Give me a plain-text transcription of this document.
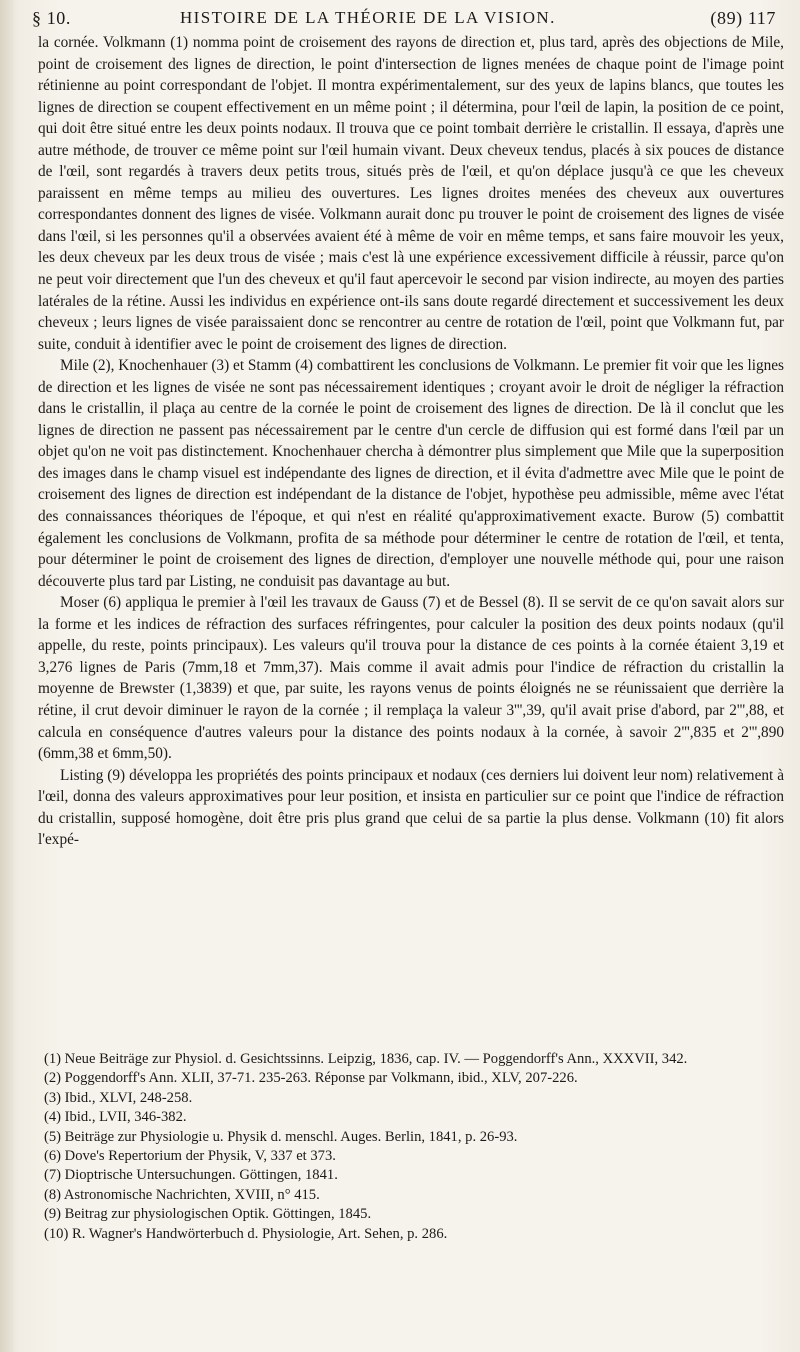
§ 10.	HISTOIRE DE LA THÉORIE DE LA VISION.	(89) 117

la cornée. Volkmann (1) nomma point de croisement des rayons de direction et, plus tard, après des objections de Mile, point de croisement des lignes de direction, le point d'intersection de lignes menées de chaque point de l'image point rétinienne au point correspondant de l'objet. Il montra expérimentalement, sur des yeux de lapins blancs, que toutes les lignes de direction se coupent effectivement en un même point ; il détermina, pour l'œil de lapin, la position de ce point, qui doit être situé entre les deux points nodaux. Il trouva que ce point tombait derrière le cristallin. Il essaya, d'après une autre méthode, de trouver ce même point sur l'œil humain vivant. Deux cheveux tendus, placés à six pouces de distance de l'œil, sont regardés à travers deux petits trous, situés près de l'œil, et qu'on déplace jusqu'à ce que les cheveux paraissent en même temps au milieu des ouvertures. Les lignes droites menées des cheveux aux ouvertures correspondantes donnent des lignes de visée. Volkmann aurait donc pu trouver le point de croisement des lignes de visée dans l'œil, si les personnes qu'il a observées avaient été à même de voir en même temps, et sans faire mouvoir les yeux, les deux cheveux par les deux trous de visée ; mais c'est là une expérience excessivement difficile à réussir, parce qu'on ne peut voir directement que l'un des cheveux et qu'il faut apercevoir le second par vision indirecte, au moyen des parties latérales de la rétine. Aussi les individus en expérience ont-ils sans doute regardé directement et successivement les deux cheveux ; leurs lignes de visée paraissaient donc se rencontrer au centre de rotation de l'œil, point que Volkmann fut, par suite, conduit à identifier avec le point de croisement des lignes de direction.

Mile (2), Knochenhauer (3) et Stamm (4) combattirent les conclusions de Volkmann. Le premier fit voir que les lignes de direction et les lignes de visée ne sont pas nécessairement identiques ; croyant avoir le droit de négliger la réfraction dans le cristallin, il plaça au centre de la cornée le point de croisement des lignes de direction. De là il conclut que les lignes de direction ne passent pas nécessairement par le centre d'un cercle de diffusion qui est formé dans l'œil par un objet qu'on ne voit pas distinctement. Knochenhauer chercha à démontrer plus simplement que Mile que la superposition des images dans le champ visuel est indépendante des lignes de direction, et il évita d'admettre avec Mile que le point de croisement des lignes de direction est indépendant de la distance de l'objet, hypothèse peu admissible, même avec l'état des connaissances théoriques de l'époque, et qui n'est en réalité qu'approximativement exacte. Burow (5) combattit également les conclusions de Volkmann, profita de sa méthode pour déterminer le centre de rotation de l'œil, et tenta, pour déterminer le point de croisement des lignes de direction, d'employer une nouvelle méthode qui, pour une raison découverte plus tard par Listing, ne conduisit pas davantage au but.

Moser (6) appliqua le premier à l'œil les travaux de Gauss (7) et de Bessel (8). Il se servit de ce qu'on savait alors sur la forme et les indices de réfraction des surfaces réfringentes, pour calculer la position des deux points nodaux (qu'il appelle, du reste, points principaux). Les valeurs qu'il trouva pour la distance de ces points à la cornée étaient 3,19 et 3,276 lignes de Paris (7mm,18 et 7mm,37). Mais comme il avait admis pour l'indice de réfraction du cristallin la moyenne de Brewster (1,3839) et que, par suite, les rayons venus de points éloignés ne se réunissaient que derrière la rétine, il crut devoir diminuer le rayon de la cornée ; il remplaça la valeur 3''',39, qu'il avait prise d'abord, par 2''',88, et calcula en conséquence d'autres valeurs pour la distance des points nodaux à la cornée, à savoir 2''',835 et 2''',890 (6mm,38 et 6mm,50).

Listing (9) développa les propriétés des points principaux et nodaux (ces derniers lui doivent leur nom) relativement à l'œil, donna des valeurs approximatives pour leur position, et insista en particulier sur ce point que l'indice de réfraction du cristallin, supposé homogène, doit être pris plus grand que celui de sa partie la plus dense. Volkmann (10) fit alors l'expé-

(1) Neue Beiträge zur Physiol. d. Gesichtssinns. Leipzig, 1836, cap. IV. — Poggendorff's Ann., XXXVII, 342.

(2) Poggendorff's Ann. XLII, 37-71. 235-263. Réponse par Volkmann, ibid., XLV, 207-226.

(3) Ibid., XLVI, 248-258.

(4) Ibid., LVII, 346-382.

(5) Beiträge zur Physiologie u. Physik d. menschl. Auges. Berlin, 1841, p. 26-93.

(6) Dove's Repertorium der Physik, V, 337 et 373.

(7) Dioptrische Untersuchungen. Göttingen, 1841.

(8) Astronomische Nachrichten, XVIII, n° 415.

(9) Beitrag zur physiologischen Optik. Göttingen, 1845.

(10) R. Wagner's Handwörterbuch d. Physiologie, Art. Sehen, p. 286.
